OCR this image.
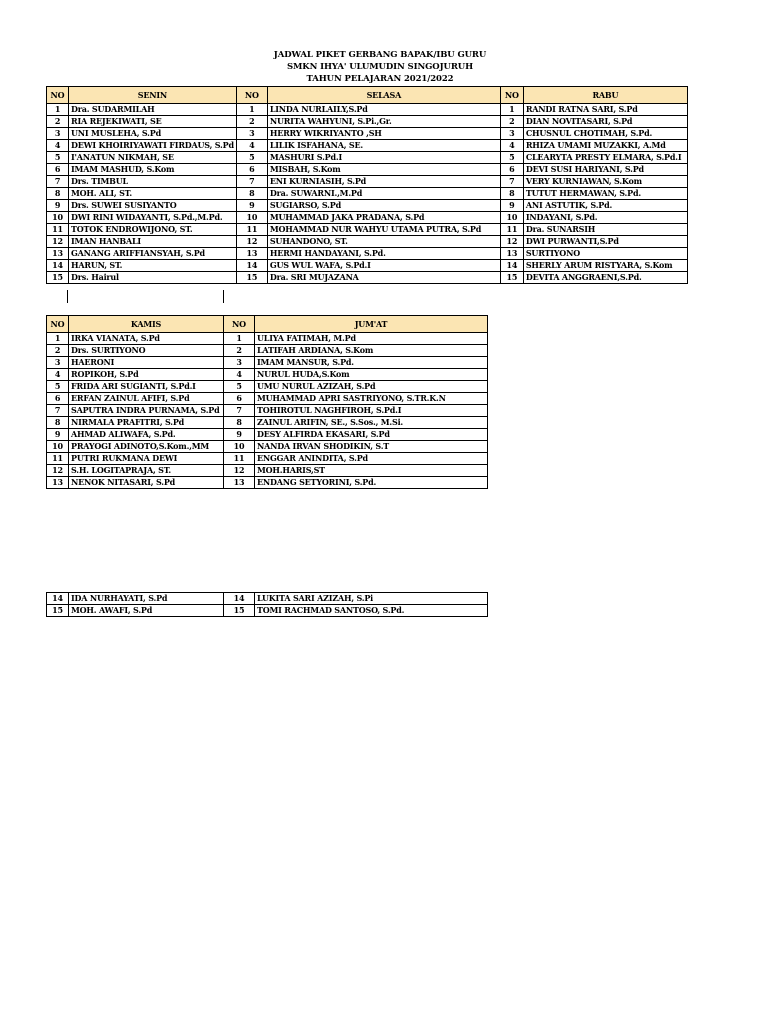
JADWAL PIKET GERBANG BAPAK/IBU GURU
SMKN IHYA' ULUMUDIN SINGOJURUH
TAHUN PELAJARAN 2021/2022
NO	SENIN	NO	SELASA	NO	RABU
1	Dra. SUDARMILAH	1	LINDA NURLAILY,S.Pd	1	RANDI RATNA SARI, S.Pd
2	RIA REJEKIWATI, SE	2	NURITA WAHYUNI, S.Pi.,Gr.	2	DIAN NOVITASARI, S.Pd
3	UNI MUSLEHA, S.Pd	3	HERRY WIKRIYANTO ,SH	3	CHUSNUL CHOTIMAH, S.Pd.
4	DEWI KHOIRIYAWATI FIRDAUS, S.Pd	4	LILIK ISFAHANA, SE.	4	RHIZA UMAMI MUZAKKI, A.Md
5	I'ANATUN NIKMAH, SE	5	MASHURI S.Pd.I	5	CLEARYTA PRESTY ELMARA, S.Pd.I
6	IMAM MASHUD, S.Kom	6	MISBAH, S.Kom	6	DEVI SUSI HARIYANI, S.Pd
7	Drs. TIMBUL	7	ENI KURNIASIH, S.Pd	7	VERY KURNIAWAN, S.Kom
8	MOH. ALI, ST.	8	Dra. SUWARNI.,M.Pd	8	TUTUT HERMAWAN, S.Pd.
9	Drs. SUWEI SUSIYANTO	9	SUGIARSO, S.Pd	9	ANI ASTUTIK, S.Pd.
10	DWI RINI WIDAYANTI, S.Pd.,M.Pd.	10	MUHAMMAD JAKA PRADANA, S.Pd	10	INDAYANI, S.Pd.
11	TOTOK ENDROWIJONO, ST.	11	MOHAMMAD NUR WAHYU UTAMA PUTRA, S.Pd	11	Dra. SUNARSIH
12	IMAN HANBALI	12	SUHANDONO, ST.	12	DWI PURWANTI,S.Pd
13	GANANG ARIFFIANSYAH, S.Pd	13	HERMI HANDAYANI, S.Pd.	13	SURTIYONO
14	HARUN, ST.	14	GUS WUL WAFA, S.Pd.I	14	SHERLY ARUM RISTYARA, S.Kom
15	Drs. Hairul	15	Dra. SRI MUJAZANA	15	DEVITA ANGGRAENI,S.Pd.
NO	KAMIS	NO	JUM'AT
1	IRKA VIANATA, S.Pd	1	ULIYA FATIMAH, M.Pd
2	Drs. SURTIYONO	2	LATIFAH ARDIANA, S.Kom
3	HAERONI	3	IMAM MANSUR, S.Pd.
4	ROPIKOH, S.Pd	4	NURUL HUDA,S.Kom
5	FRIDA ARI SUGIANTI, S.Pd.I	5	UMU NURUL AZIZAH, S.Pd
6	ERFAN ZAINUL AFIFI, S.Pd	6	MUHAMMAD APRI SASTRIYONO, S.TR.K.N
7	SAPUTRA INDRA PURNAMA, S.Pd	7	TOHIROTUL NAGHFIROH, S.Pd.I
8	NIRMALA PRAFITRI, S.Pd	8	ZAINUL ARIFIN, SE., S.Sos., M.Si.
9	AHMAD ALIWAFA, S.Pd.	9	DESY ALFIRDA EKASARI, S.Pd
10	PRAYOGI ADINOTO,S.Kom.,MM	10	NANDA IRVAN SHODIKIN, S.T
11	PUTRI RUKMANA DEWI	11	ENGGAR ANINDITA, S.Pd
12	S.H. LOGITAPRAJA, ST.	12	MOH.HARIS,ST
13	NENOK NITASARI, S.Pd	13	ENDANG SETYORINI, S.Pd.
14	IDA NURHAYATI, S.Pd	14	LUKITA SARI AZIZAH, S.Pi
15	MOH. AWAFI, S.Pd	15	TOMI RACHMAD SANTOSO, S.Pd.
